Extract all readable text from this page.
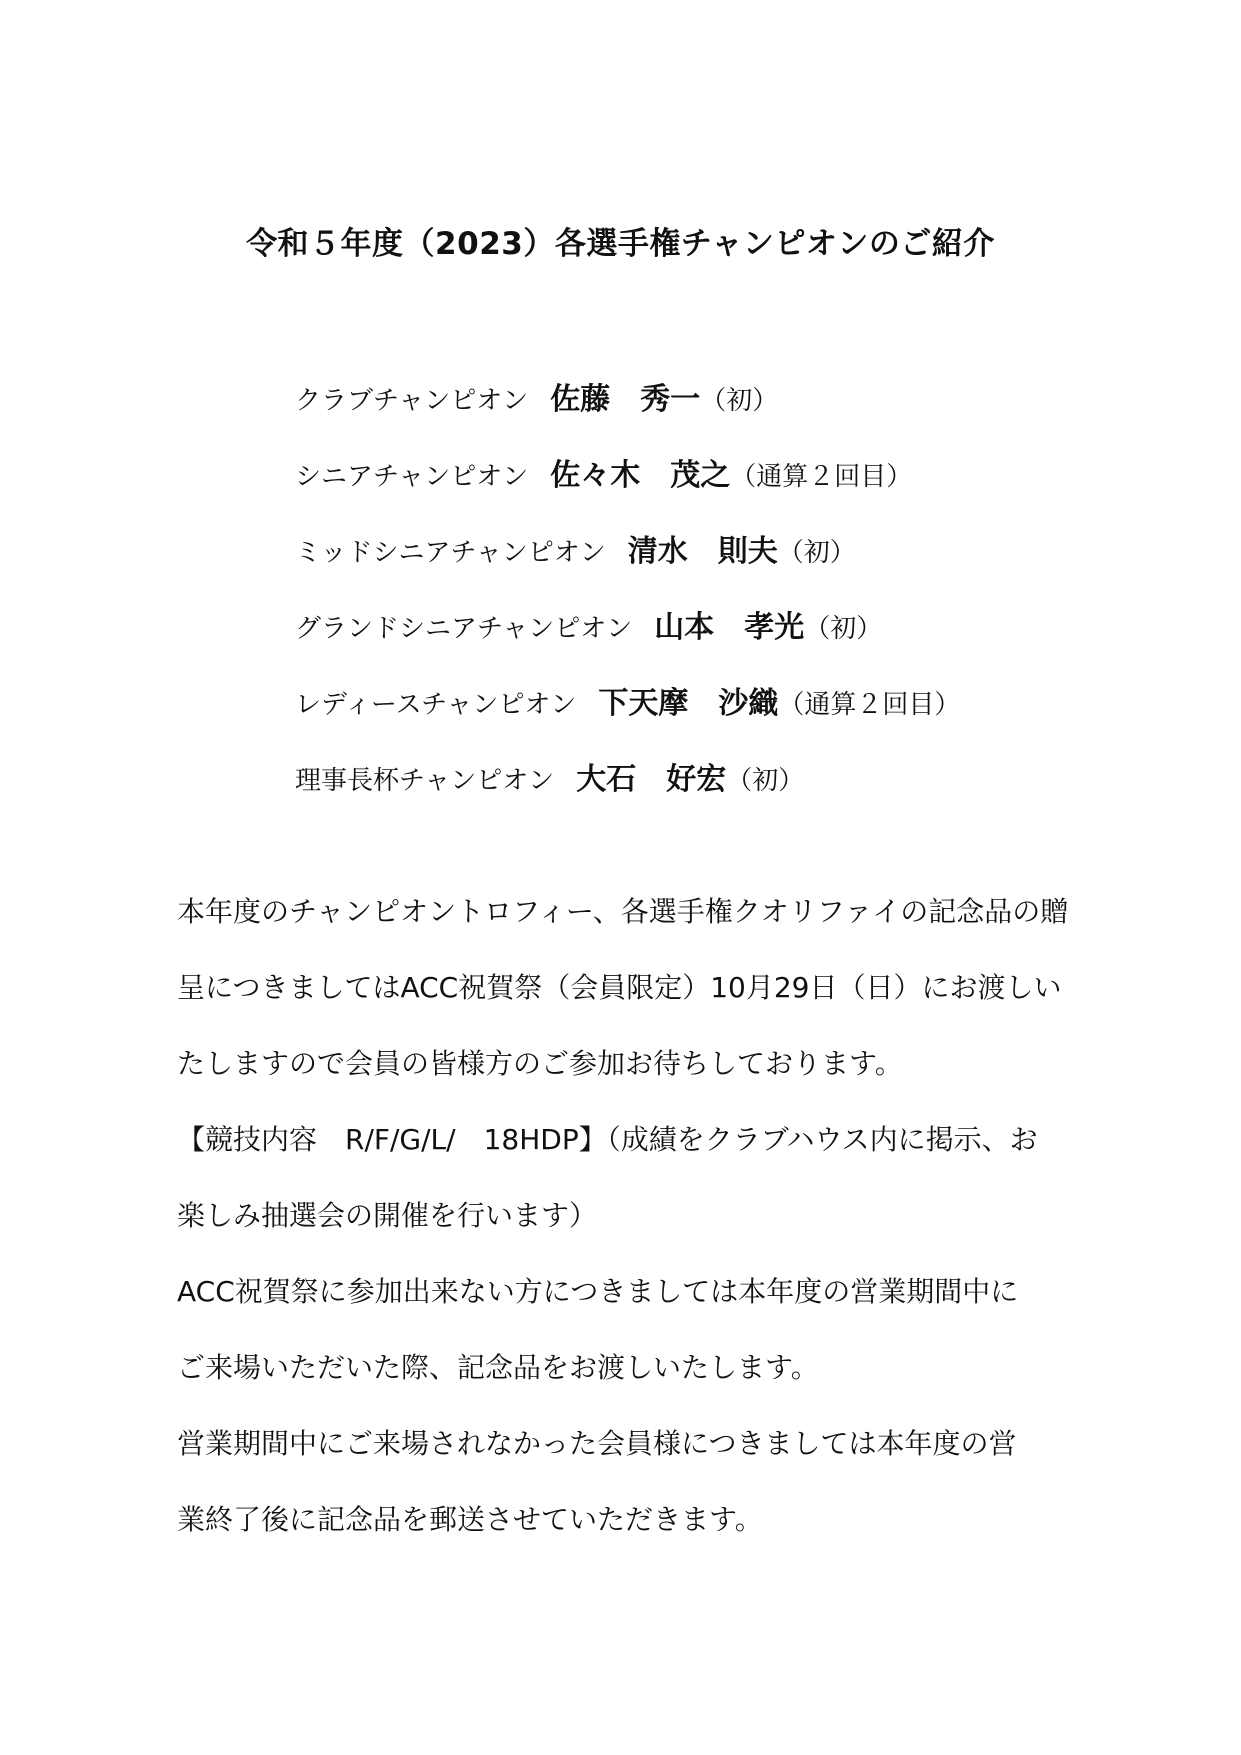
令和５年度（2023）各選手権チャンピオンのご紹介
クラブチャンピオン 佐藤　秀一（初）
シニアチャンピオン 佐々木　茂之（通算２回目）
ミッドシニアチャンピオン 清水　則夫（初）
グランドシニアチャンピオン 山本　孝光（初）
レディースチャンピオン 下天摩　沙織（通算２回目）
理事長杯チャンピオン 大石　好宏（初）
本年度のチャンピオントロフィー、各選手権クオリファイの記念品の贈
呈につきましてはACC祝賀祭（会員限定）10月29日（日）にお渡しい
たしますので会員の皆様方のご参加お待ちしております。
【競技内容　R/F/G/L/　18HDP】（成績をクラブハウス内に掲示、お
楽しみ抽選会の開催を行います）
ACC祝賀祭に参加出来ない方につきましては本年度の営業期間中に
ご来場いただいた際、記念品をお渡しいたします。
営業期間中にご来場されなかった会員様につきましては本年度の営
業終了後に記念品を郵送させていただきます。
